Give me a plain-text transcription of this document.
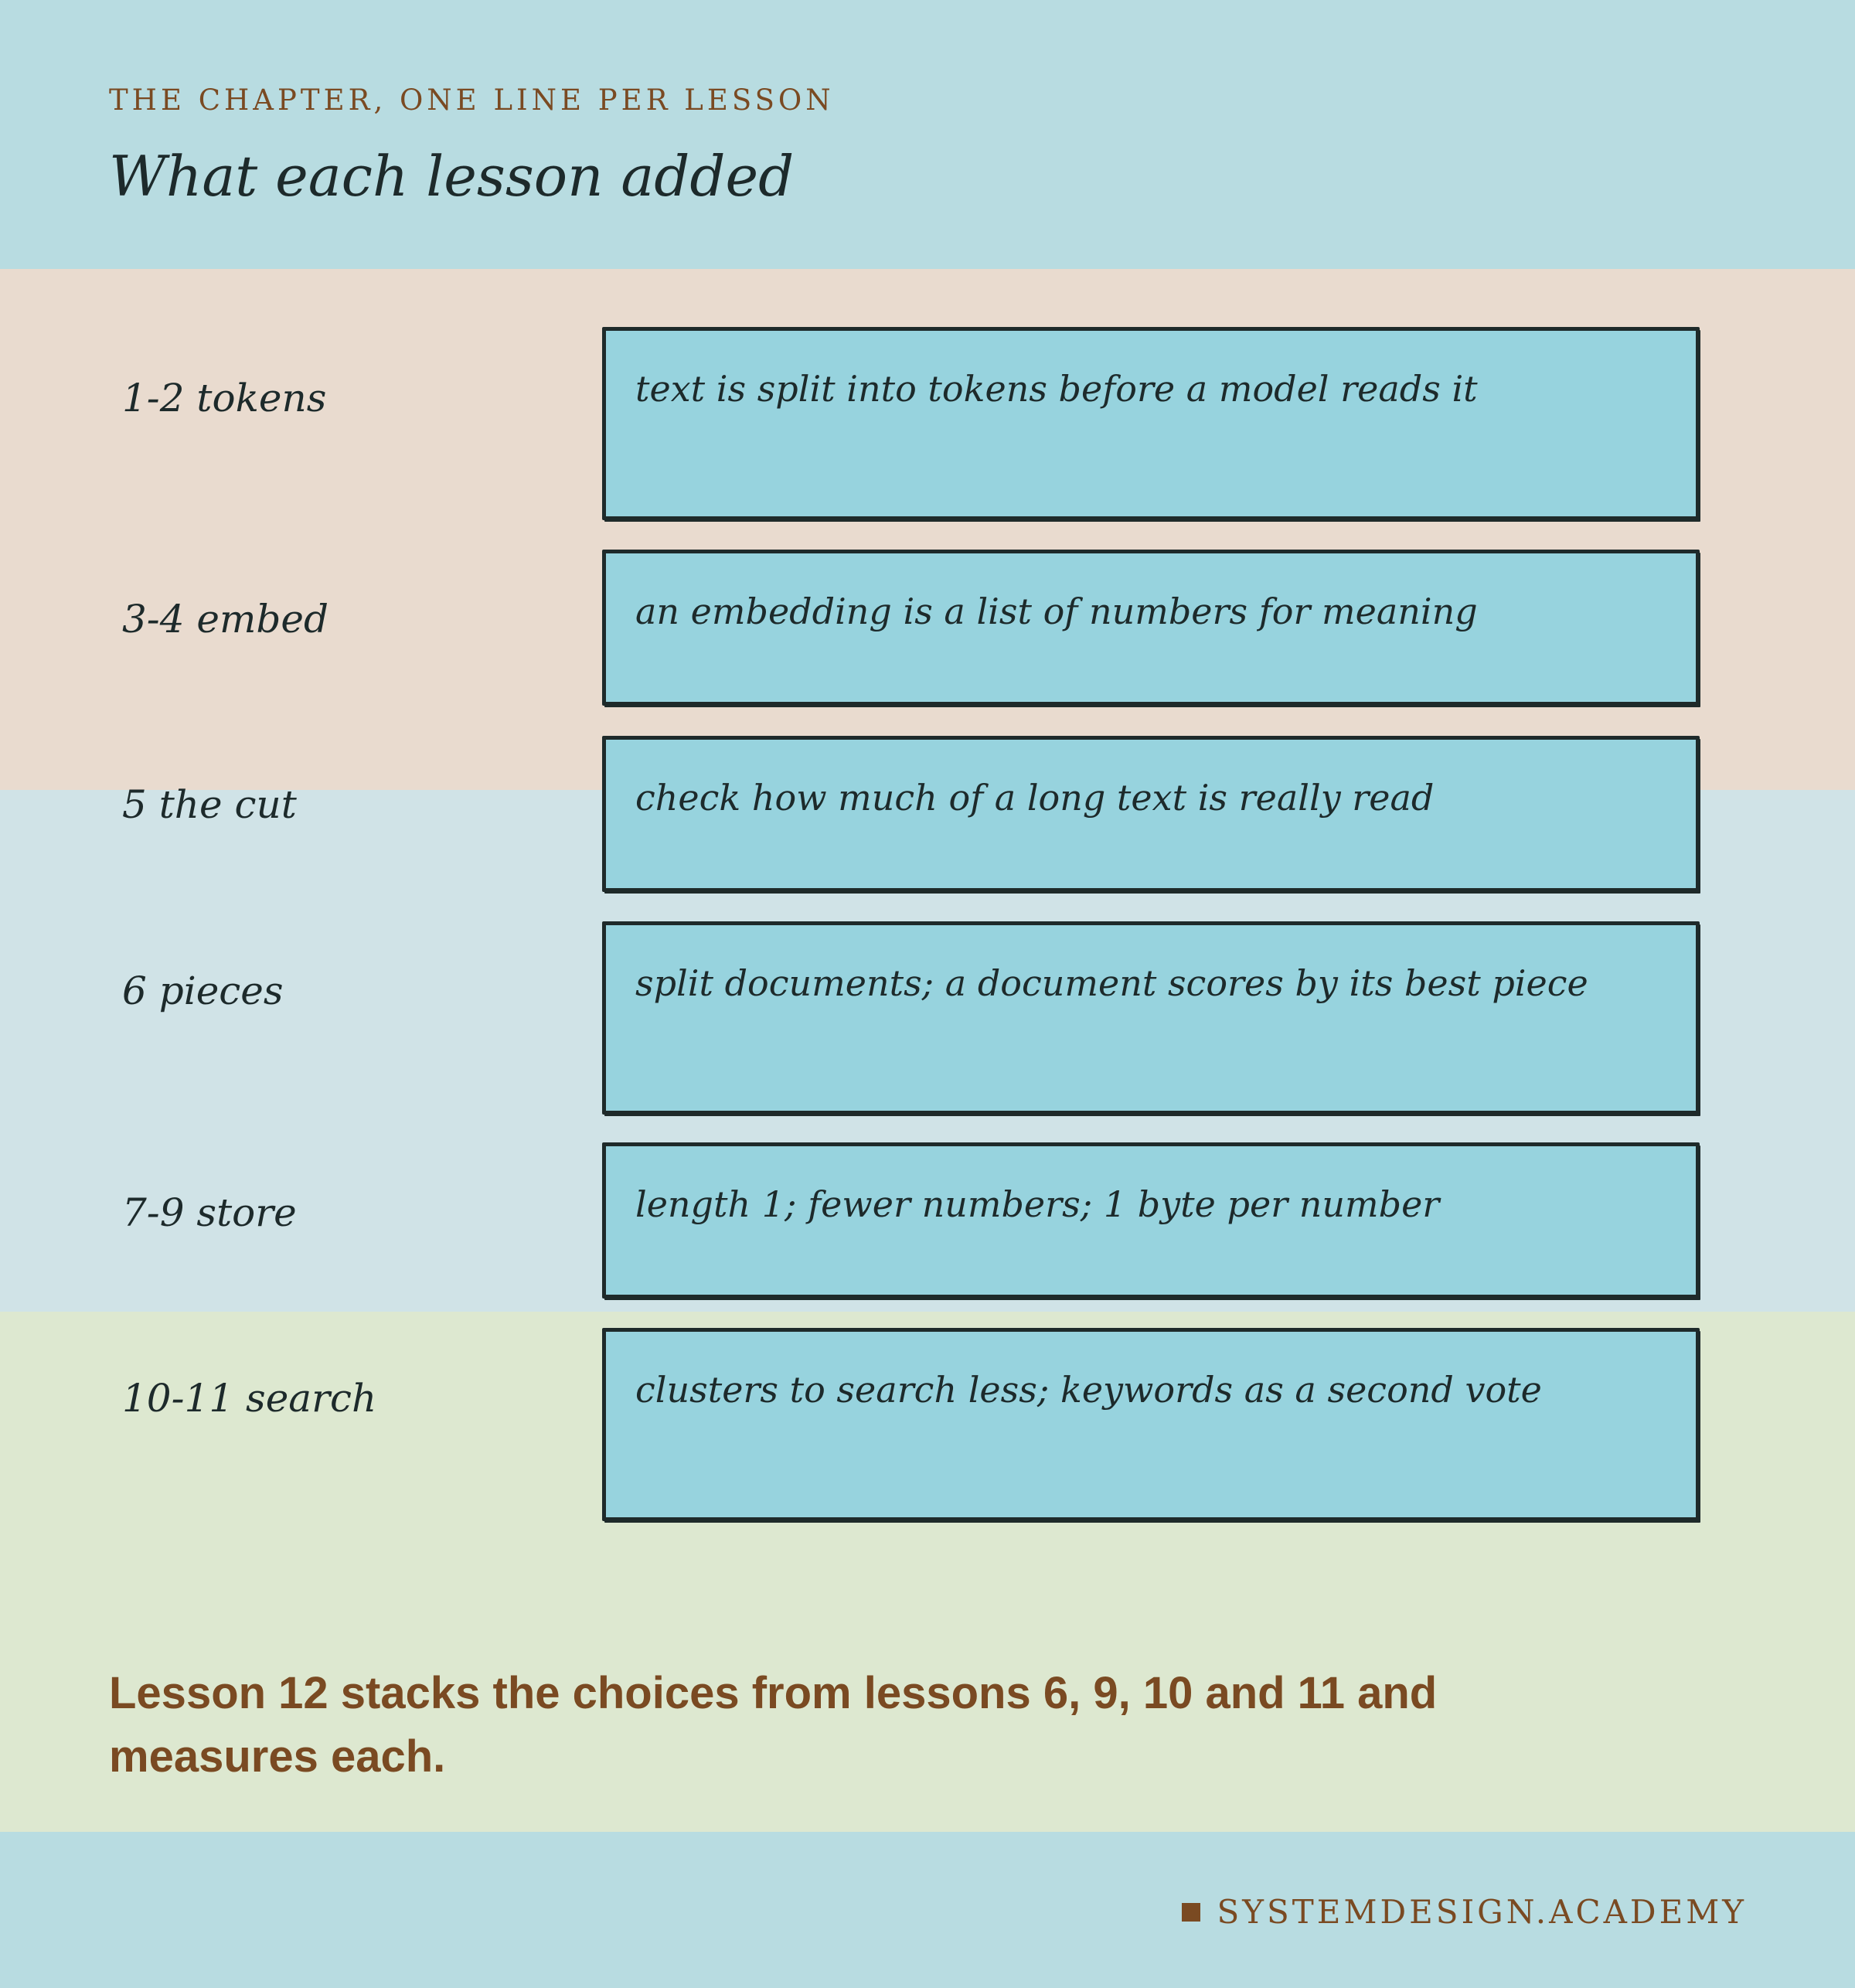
THE CHAPTER, ONE LINE PER LESSON

What each lesson added
1-2 tokens	text is split into tokens before a model reads it
3-4 embed	an embedding is a list of numbers for meaning
5 the cut	check how much of a long text is really read
6 pieces	split documents; a document scores by its best piece
7-9 store	length 1; fewer numbers; 1 byte per number
10-11 search	clusters to search less; keywords as a second vote

Lesson 12 stacks the choices from lessons 6, 9, 10 and 11 and measures each.

SYSTEMDESIGN.ACADEMY
